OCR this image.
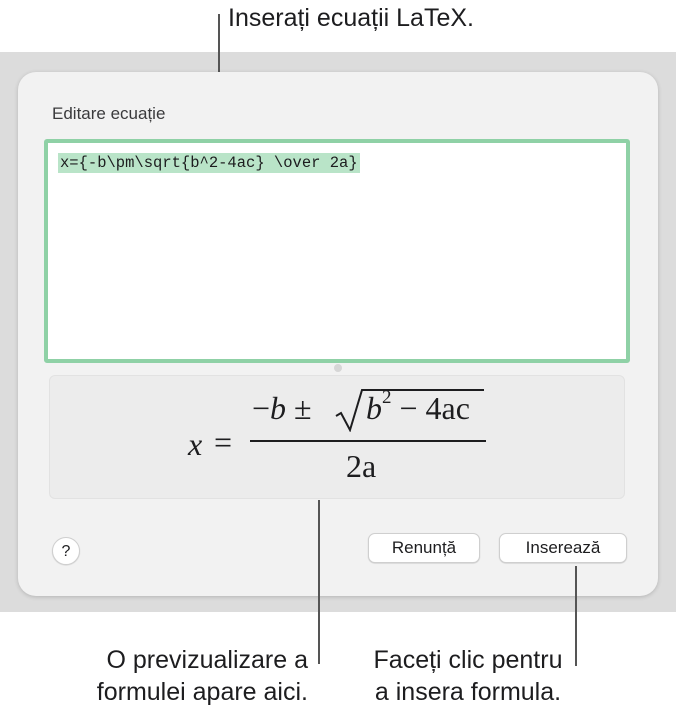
Inserați ecuații LaTeX.
Editare ecuație
x={-b\pm\sqrt{b^2-4ac} \over 2a}
x =
$-b \pm b^2 - 4ac$
2a
?	Renunță	Inserează
O previzualizare a
formulei apare aici.
Faceți clic pentru
a insera formula.
